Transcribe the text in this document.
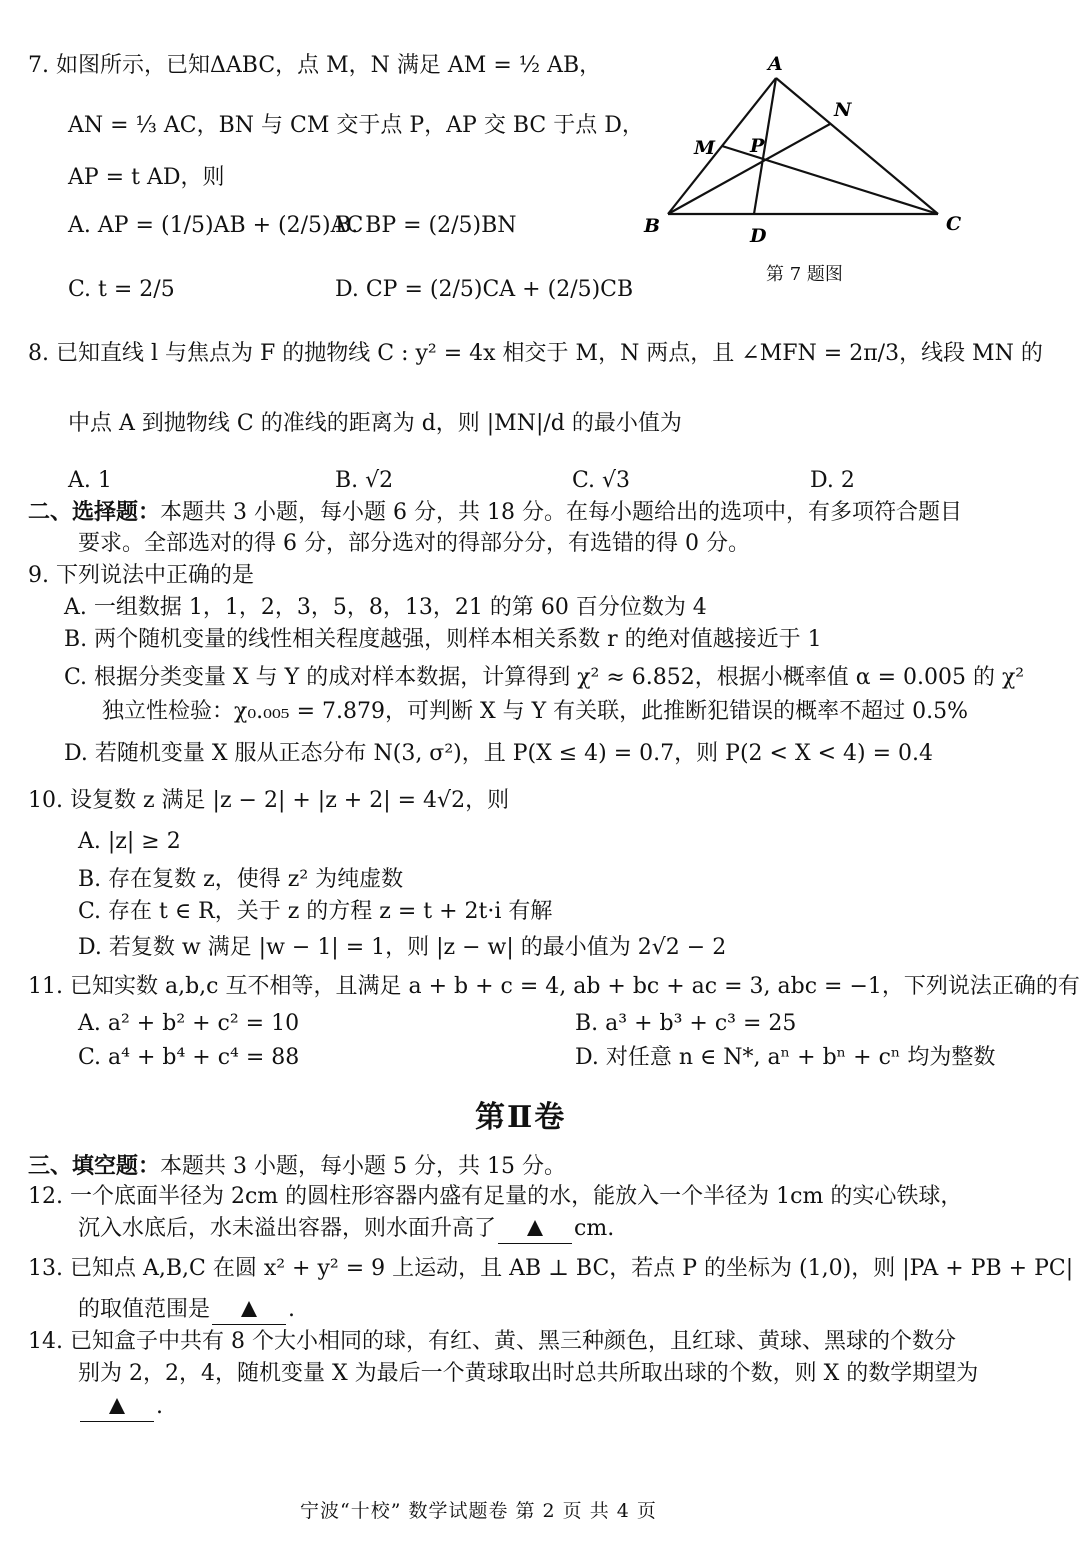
7. 如图所示，已知ΔABC，点 M，N 满足 AM = ½ AB，
AN = ⅓ AC，BN 与 CM 交于点 P，AP 交 BC 于点 D，
AP = t AD，则
A. AP = (1/5)AB + (2/5)AC
B. BP = (2/5)BN
C. t = 2/5	D. CP = (2/5)CA + (2/5)CB
A
B	C
D
M
N
P
第 7 题图
8. 已知直线 l 与焦点为 F 的抛物线 C : y² = 4x 相交于 M，N 两点，且 ∠MFN = 2π/3，线段 MN 的
中点 A 到抛物线 C 的准线的距离为 d，则 |MN|/d 的最小值为
A. 1	B. √2	C. √3	D. 2
二、选择题：本题共 3 小题，每小题 6 分，共 18 分。在每小题给出的选项中，有多项符合题目
要求。全部选对的得 6 分，部分选对的得部分分，有选错的得 0 分。
9. 下列说法中正确的是
A. 一组数据 1，1，2，3，5，8，13，21 的第 60 百分位数为 4
B. 两个随机变量的线性相关程度越强，则样本相关系数 r 的绝对值越接近于 1
C. 根据分类变量 X 与 Y 的成对样本数据，计算得到 χ² ≈ 6.852，根据小概率值 α = 0.005 的 χ²
独立性检验：χ₀.₀₀₅ = 7.879，可判断 X 与 Y 有关联，此推断犯错误的概率不超过 0.5%
D. 若随机变量 X 服从正态分布 N(3, σ²)，且 P(X ≤ 4) = 0.7，则 P(2 < X < 4) = 0.4
10. 设复数 z 满足 |z − 2| + |z + 2| = 4√2，则
A. |z| ≥ 2
B. 存在复数 z，使得 z² 为纯虚数
C. 存在 t ∈ R，关于 z 的方程 z = t + 2t·i 有解
D. 若复数 w 满足 |w − 1| = 1，则 |z − w| 的最小值为 2√2 − 2
11. 已知实数 a,b,c 互不相等，且满足 a + b + c = 4, ab + bc + ac = 3, abc = −1，下列说法正确的有
A. a² + b² + c² = 10	B. a³ + b³ + c³ = 25
C. a⁴ + b⁴ + c⁴ = 88	D. 对任意 n ∈ N*, aⁿ + bⁿ + cⁿ 均为整数
第Ⅱ卷
三、填空题：本题共 3 小题，每小题 5 分，共 15 分。
12. 一个底面半径为 2cm 的圆柱形容器内盛有足量的水，能放入一个半径为 1cm 的实心铁球，
沉入水底后，水未溢出容器，则水面升高了	cm.
13. 已知点 A,B,C 在圆 x² + y² = 9 上运动，且 AB ⊥ BC，若点 P 的坐标为 (1,0)，则 |PA + PB + PC|
的取值范围是	.
14. 已知盒子中共有 8 个大小相同的球，有红、黄、黑三种颜色，且红球、黄球、黑球的个数分
别为 2，2，4，随机变量 X 为最后一个黄球取出时总共所取出球的个数，则 X 的数学期望为
.
宁波“十校” 数学试题卷 第 2 页 共 4 页
